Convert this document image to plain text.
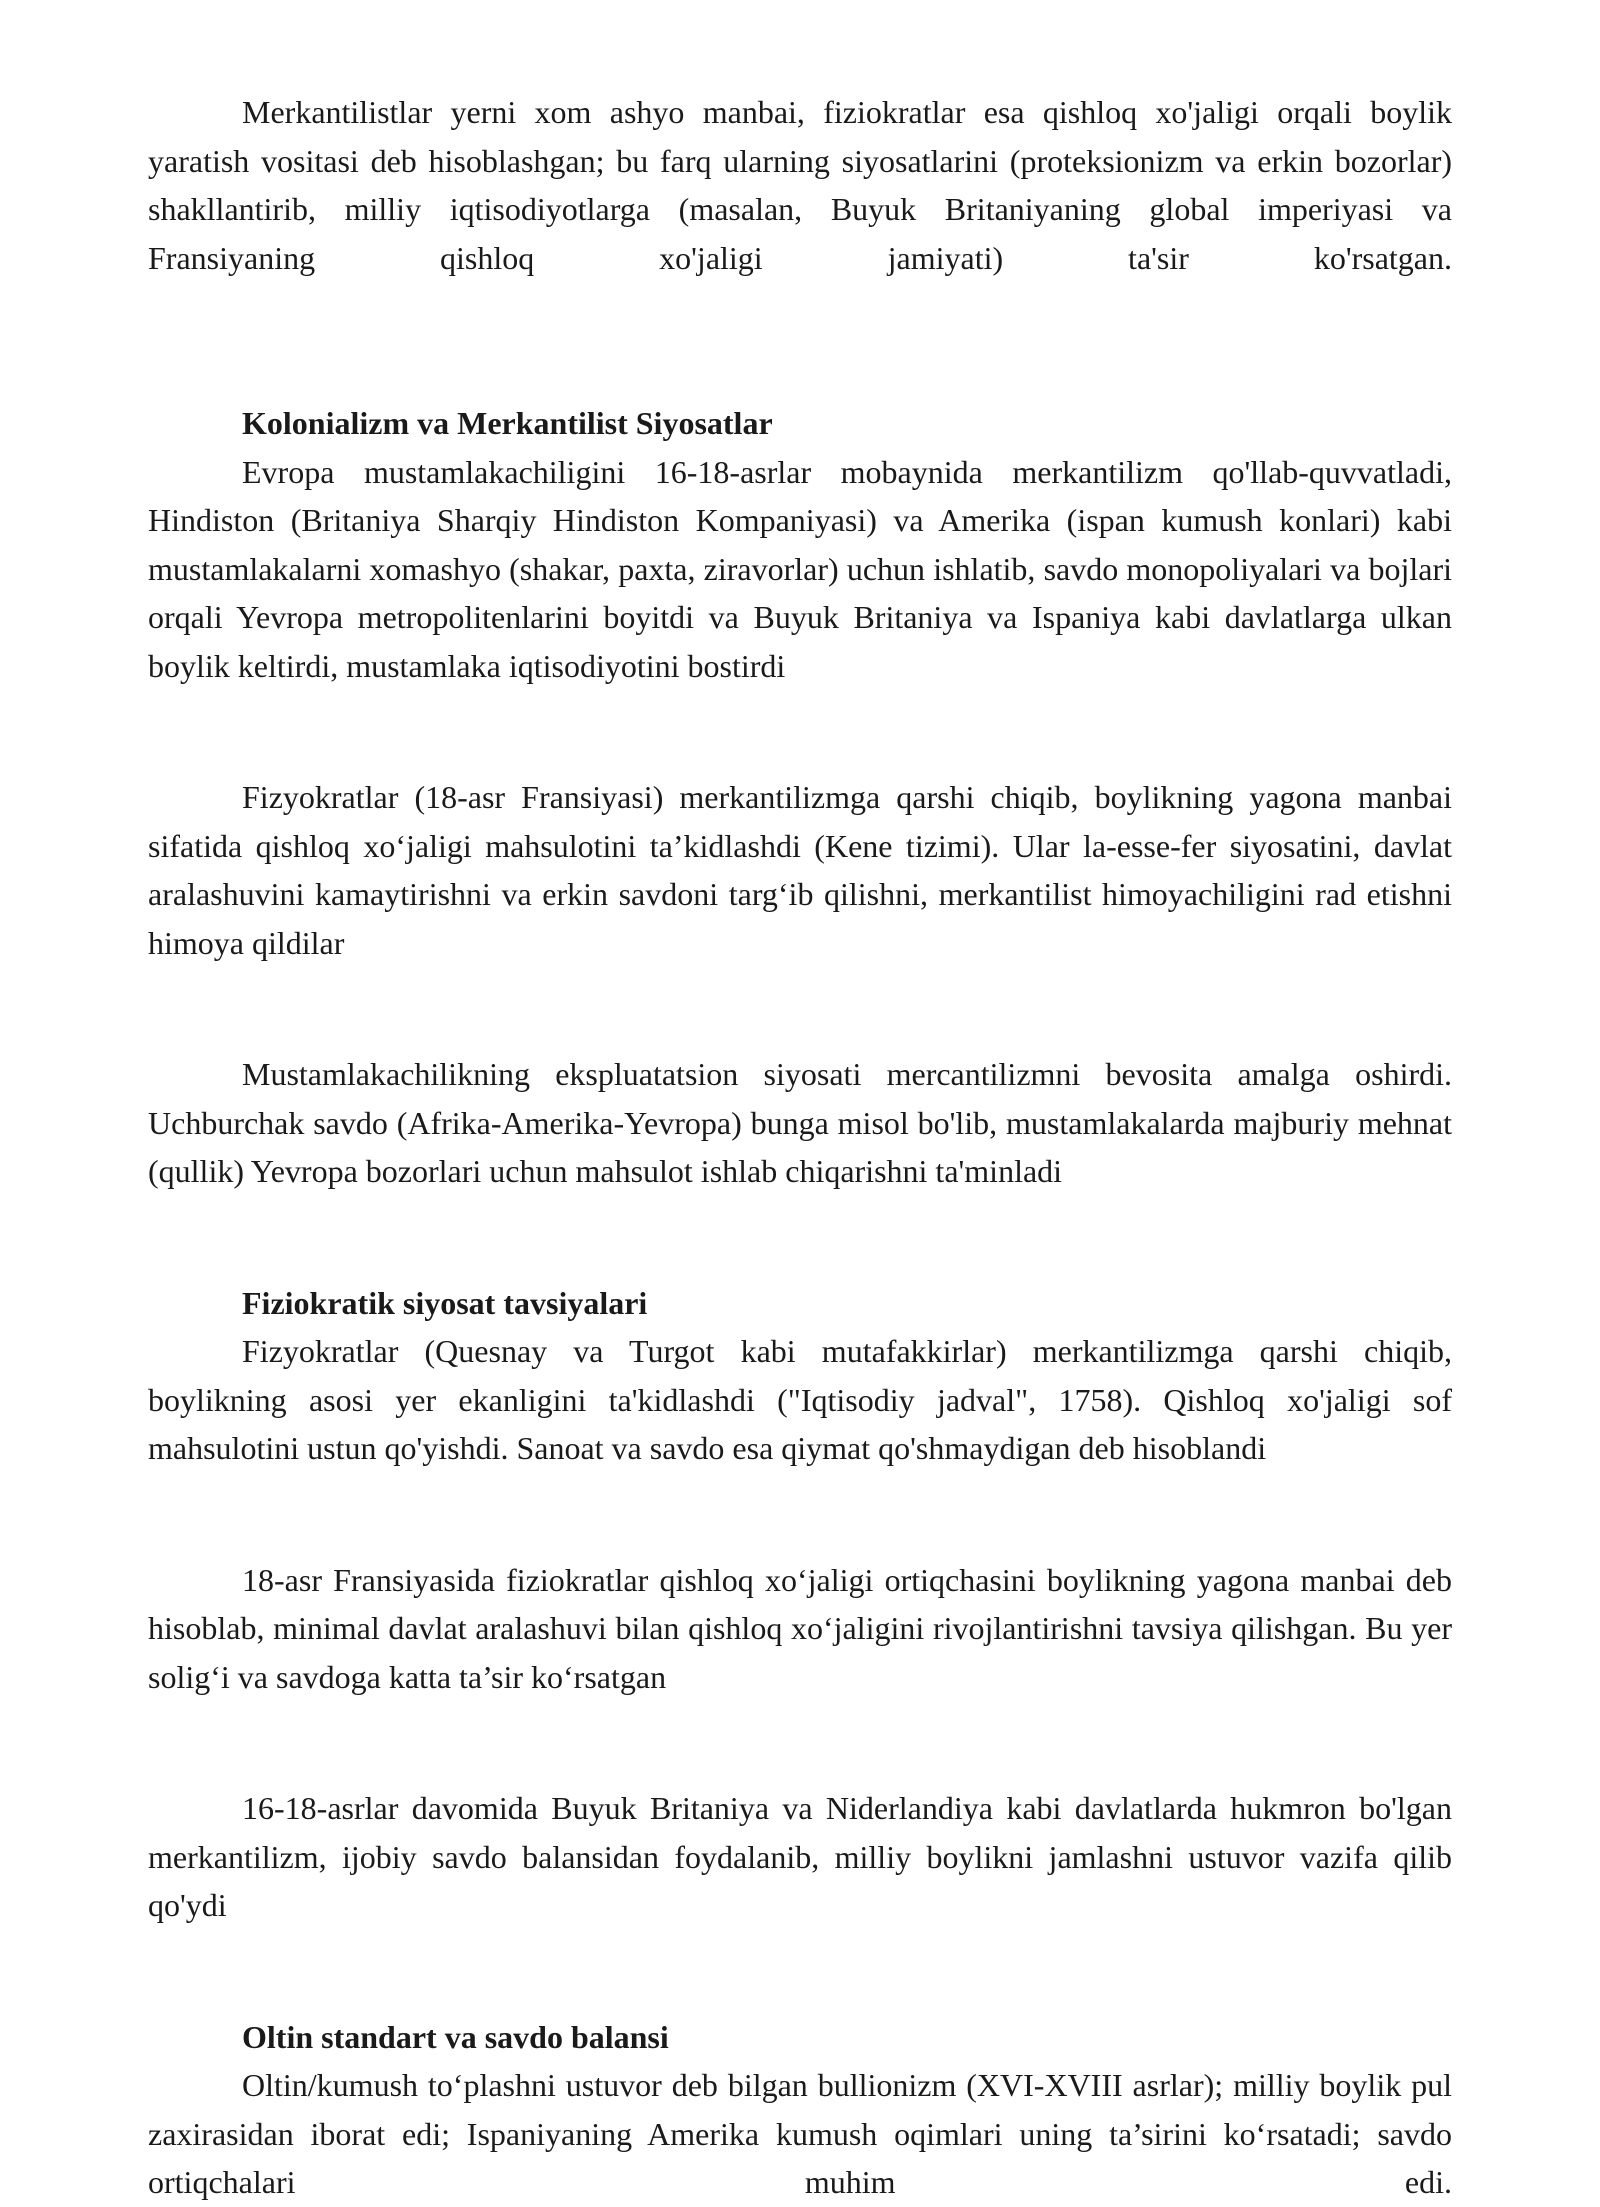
Merkantilistlar yerni xom ashyo manbai, fiziokratlar esa qishloq xo'jaligi orqali boylik yaratish vositasi deb hisoblashgan; bu farq ularning siyosatlarini (proteksionizm va erkin bozorlar) shakllantirib, milliy iqtisodiyotlarga (masalan, Buyuk Britaniyaning global imperiyasi va Fransiyaning qishloq xo'jaligi jamiyati) ta'sir ko'rsatgan.

Kolonializm va Merkantilist Siyosatlar

Evropa mustamlakachiligini 16-18-asrlar mobaynida merkantilizm qo'llab-quvvatladi, Hindiston (Britaniya Sharqiy Hindiston Kompaniyasi) va Amerika (ispan kumush konlari) kabi mustamlakalarni xomashyo (shakar, paxta, ziravorlar) uchun ishlatib, savdo monopoliyalari va bojlari orqali Yevropa metropolitenlarini boyitdi va Buyuk Britaniya va Ispaniya kabi davlatlarga ulkan boylik keltirdi, mustamlaka iqtisodiyotini bostirdi

Fizyokratlar (18-asr Fransiyasi) merkantilizmga qarshi chiqib, boylikning yagona manbai sifatida qishloq xo‘jaligi mahsulotini ta’kidlashdi (Kene tizimi). Ular la-esse-fer siyosatini, davlat aralashuvini kamaytirishni va erkin savdoni targ‘ib qilishni, merkantilist himoyachiligini rad etishni himoya qildilar

Mustamlakachilikning ekspluatatsion siyosati mercantilizmni bevosita amalga oshirdi. Uchburchak savdo (Afrika-Amerika-Yevropa) bunga misol bo'lib, mustamlakalarda majburiy mehnat (qullik) Yevropa bozorlari uchun mahsulot ishlab chiqarishni ta'minladi

Fiziokratik siyosat tavsiyalari

Fizyokratlar (Quesnay va Turgot kabi mutafakkirlar) merkantilizmga qarshi chiqib, boylikning asosi yer ekanligini ta'kidlashdi ("Iqtisodiy jadval", 1758). Qishloq xo'jaligi sof mahsulotini ustun qo'yishdi. Sanoat va savdo esa qiymat qo'shmaydigan deb hisoblandi

18-asr Fransiyasida fiziokratlar qishloq xo‘jaligi ortiqchasini boylikning yagona manbai deb hisoblab, minimal davlat aralashuvi bilan qishloq xo‘jaligini rivojlantirishni tavsiya qilishgan. Bu yer solig‘i va savdoga katta ta’sir ko‘rsatgan

16-18-asrlar davomida Buyuk Britaniya va Niderlandiya kabi davlatlarda hukmron bo'lgan merkantilizm, ijobiy savdo balansidan foydalanib, milliy boylikni jamlashni ustuvor vazifa qilib qo'ydi

Oltin standart va savdo balansi

Oltin/kumush to‘plashni ustuvor deb bilgan bullionizm (XVI-XVIII asrlar); milliy boylik pul zaxirasidan iborat edi; Ispaniyaning Amerika kumush oqimlari uning ta’sirini ko‘rsatadi; savdo ortiqchalari muhim edi.
